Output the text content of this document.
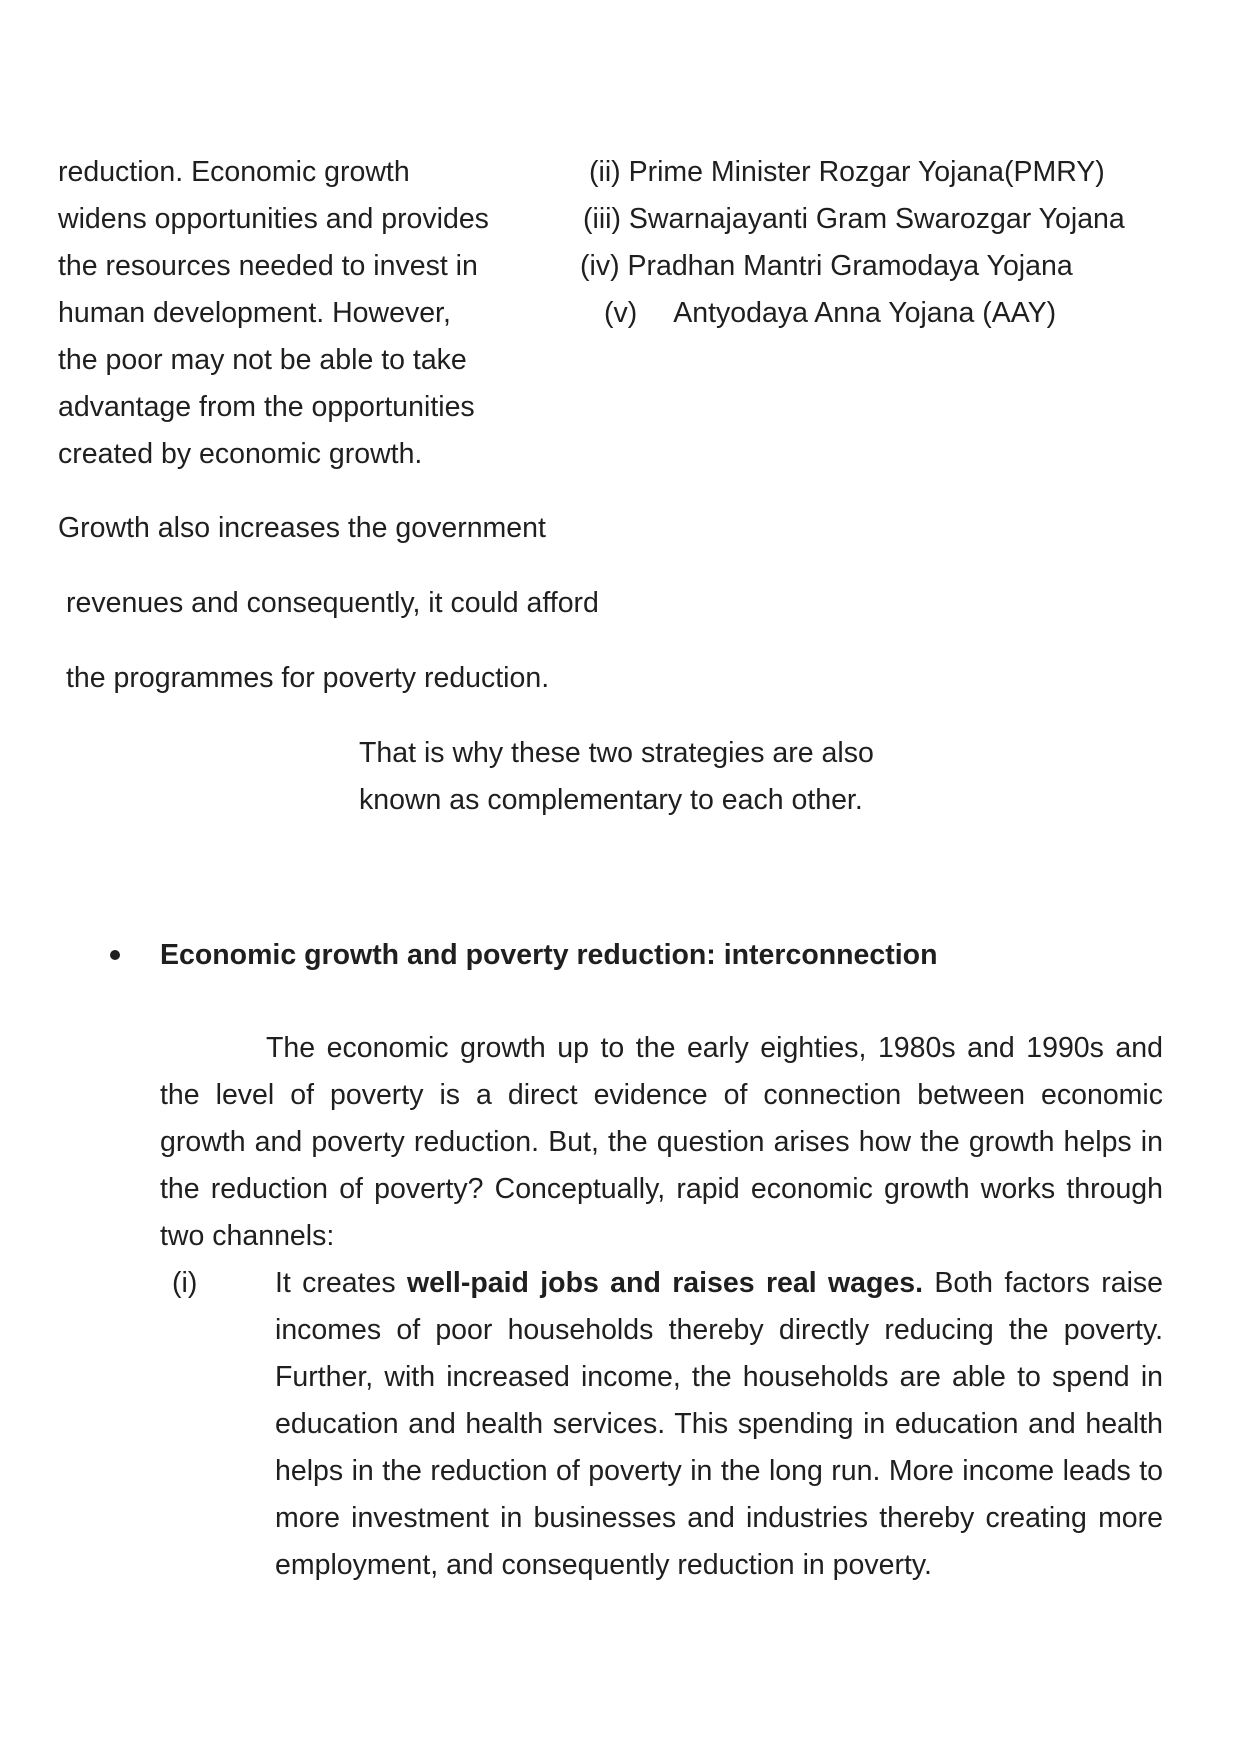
reduction. Economic growth
widens opportunities and provides
the resources needed to invest in
human development. However,
the poor may not be able to take
advantage from the opportunities
created by economic growth.
(ii) Prime Minister Rozgar Yojana(PMRY)
(iii) Swarnajayanti Gram Swarozgar Yojana
(iv) Pradhan Mantri Gramodaya Yojana
(v) Antyodaya Anna Yojana (AAY)
Growth also increases the government
revenues and consequently, it could afford
the programmes for poverty reduction.
That is why these two strategies are also
known as complementary to each other.
Economic growth and poverty reduction: interconnection
The economic growth up to the early eighties, 1980s and 1990s and the level of poverty is a direct evidence of connection between economic growth and poverty reduction. But, the question arises how the growth helps in the reduction of poverty? Conceptually, rapid economic growth works through two channels:
(i)	It creates well-paid jobs and raises real wages. Both factors raise incomes of poor households thereby directly reducing the poverty. Further, with increased income, the households are able to spend in education and health services. This spending in education and health helps in the reduction of poverty in the long run. More income leads to more investment in businesses and industries thereby creating more employment, and consequently reduction in poverty.
